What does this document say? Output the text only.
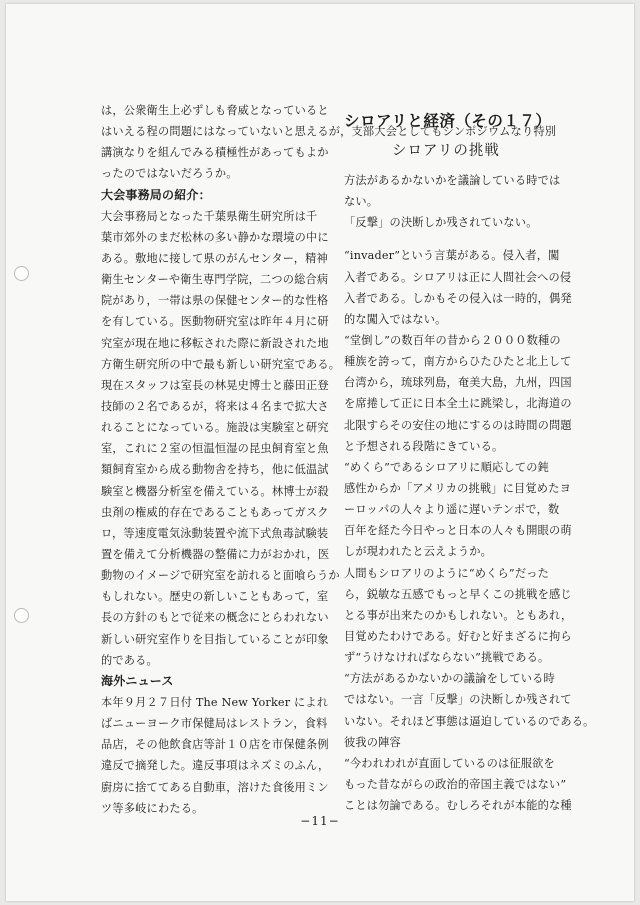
は，公衆衛生上必ずしも脅威となっていると
はいえる程の問題にはなっていないと思えるが，支部大会としてもシンポジウムなり特別
講演なりを組んでみる積極性があってもよか
ったのではないだろうか。
大会事務局の紹介：
大会事務局となった千葉県衛生研究所は千
葉市郊外のまだ松林の多い静かな環境の中に
ある。敷地に接して県のがんセンター，精神
衛生センターや衛生専門学院，二つの総合病
院があり，一帯は県の保健センター的な性格
を有している。医動物研究室は昨年４月に研
究室が現在地に移転された際に新設された地
方衛生研究所の中で最も新しい研究室である。
現在スタッフは室長の林晃史博士と藤田正登
技師の２名であるが，将来は４名まで拡大さ
れることになっている。施設は実験室と研究
室，これに２室の恒温恒湿の昆虫飼育室と魚
類飼育室から成る動物舎を持ち，他に低温試
験室と機器分析室を備えている。林博士が殺
虫剤の権威的存在であることもあってガスク
ロ，等速度電気泳動装置や流下式魚毒試験装
置を備えて分析機器の整備に力がおかれ，医
動物のイメージで研究室を訪れると面喰らうか
もしれない。歴史の新しいこともあって，室
長の方針のもとで従来の概念にとらわれない
新しい研究室作りを目指していることが印象
的である。
海外ニュース
本年９月２７日付 The New Yorker によれ
ばニューヨーク市保健局はレストラン，食料
品店，その他飲食店等計１０店を市保健条例
違反で摘発した。違反事項はネズミのふん，
廚房に捨ててある自動車，溶けた食後用ミン
ツ等多岐にわたる。
シロアリと経済（その１７）
シロアリの挑戦
方法があるかないかを議論している時では
ない。
「反撃」の決断しか残されていない。
“invader”という言葉がある。侵入者，闖
入者である。シロアリは正に人間社会への侵
入者である。しかもその侵入は一時的，偶発
的な闖入ではない。
“堂倒し”の数百年の昔から２０００数種の
種族を誇って，南方からひたひたと北上して
台湾から，琉球列島，奄美大島，九州，四国
を席捲して正に日本全土に跳梁し，北海道の
北限すらその安住の地にするのは時間の問題
と予想される段階にきている。
“めくら”であるシロアリに順応しての鈍
感性からか「アメリカの挑戦」に目覚めたヨ
ーロッパの人々より遥に遅いテンポで，数
百年を経た今日やっと日本の人々も開眼の萌
しが現われたと云えようか。
人間もシロアリのように“めくら”だった
ら，鋭敏な五感でもっと早くこの挑戦を感じ
とる事が出来たのかもしれない。ともあれ，
目覚めたわけである。好むと好まざるに拘ら
ず“うけなければならない”挑戦である。
“方法があるかないかの議論をしている時
ではない。一言「反撃」の決断しか残されて
いない。それほど事態は逼迫しているのである。
彼我の陣容
“今われわれが直面しているのは征服欲を
もった昔ながらの政治的帝国主義ではない”
ことは勿論である。むしろそれが本能的な種
−11−
